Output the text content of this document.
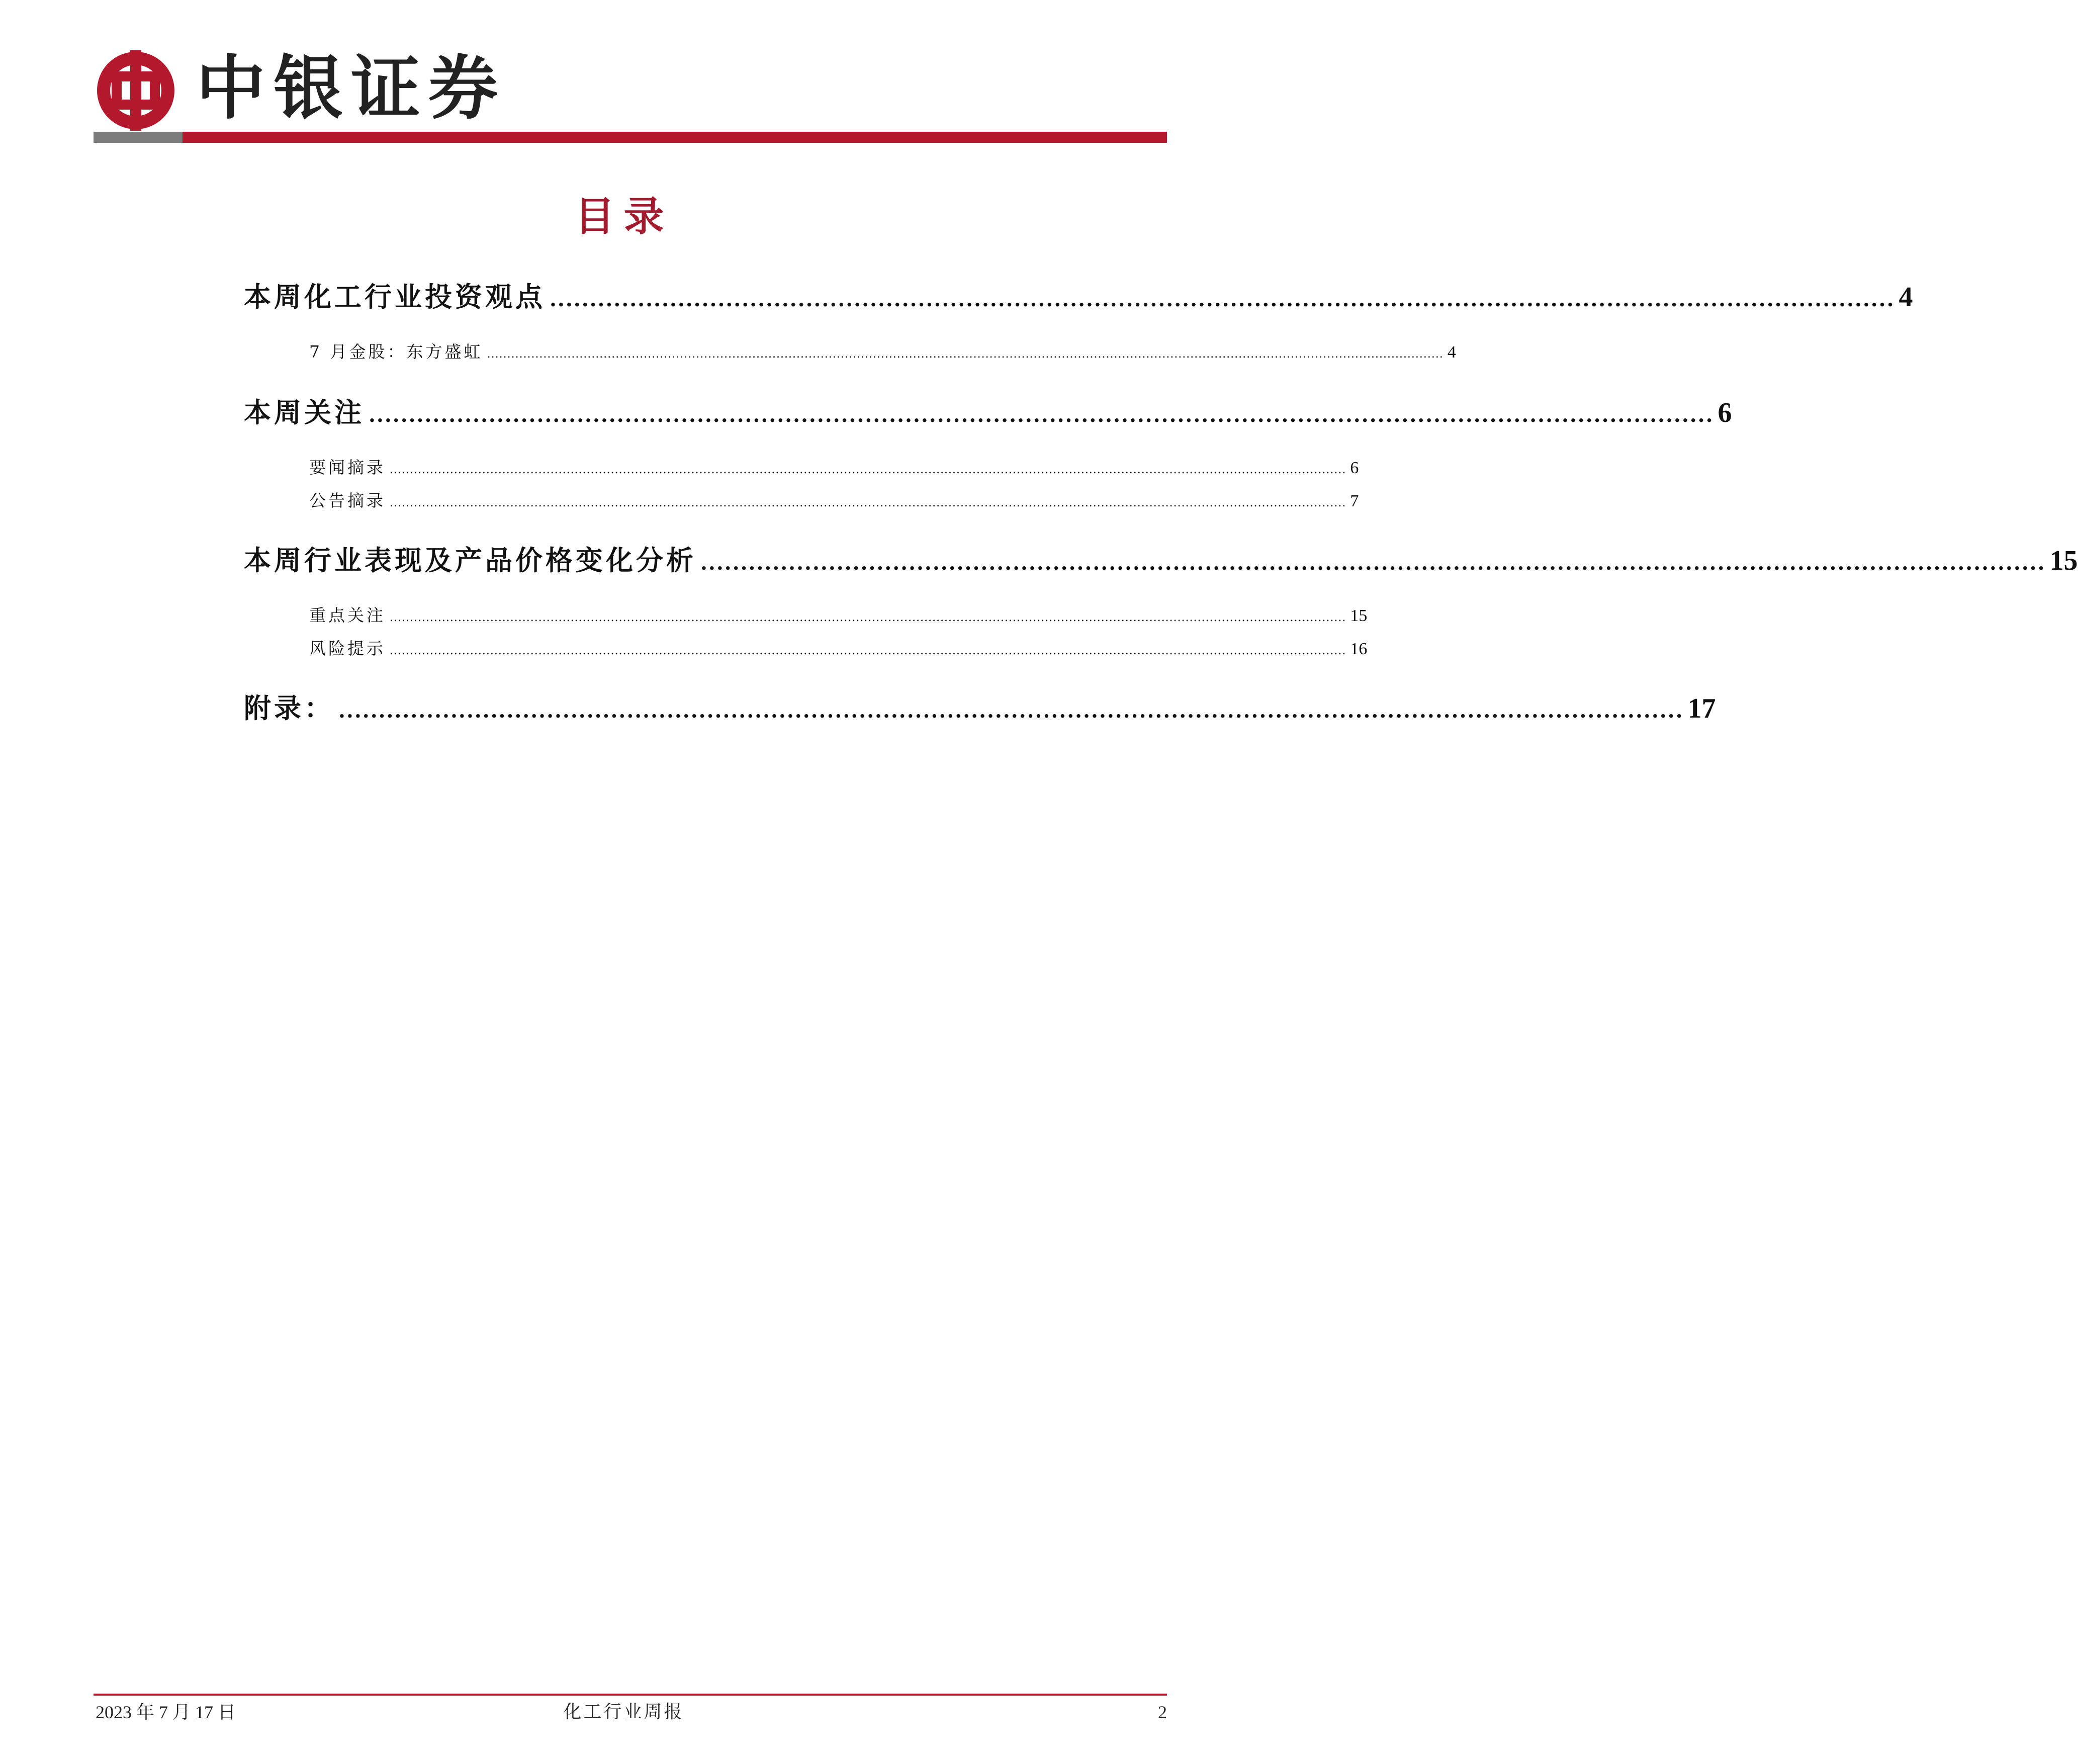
中银证券
目录
本周化工行业投资观点 ........................................................................................................................................................................ 4
7 月金股：东方盛虹 .............................................................................................................................................................................................................................................. 4
本周关注 ........................................................................................................................................................................ 6
要闻摘录 .............................................................................................................................................................................................................................................. 6
公告摘录 .............................................................................................................................................................................................................................................. 7
本周行业表现及产品价格变化分析 ........................................................................................................................................................................ 15
重点关注 .............................................................................................................................................................................................................................................. 15
风险提示 .............................................................................................................................................................................................................................................. 16
附录： ........................................................................................................................................................................ 17
2023 年 7 月 17 日	化工行业周报	2
